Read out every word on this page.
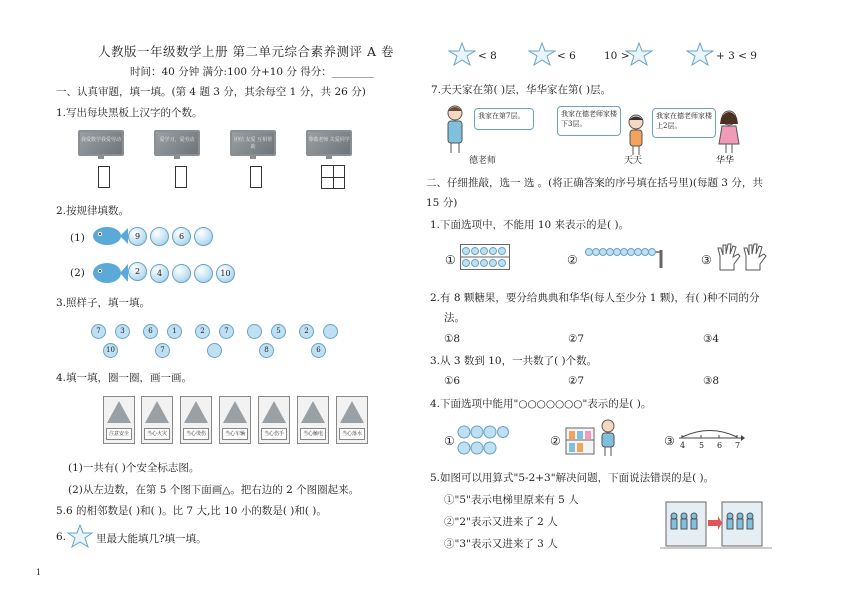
人教版一年级数学上册 第二单元综合素养测评 A 卷
时间：40 分钟 满分:100 分+10 分 得分：________
一、认真审题，填一填。(第 4 题 3 分，其余每空 1 分，共 26 分)
1.写出每块黑板上汉字的个数。
我爱数学我爱劳动	爱学习，爱劳动	团结 友爱 互相帮助
尊敬老师 关爱同学
2.按规律填数。
(1)	9	6
(2)	2	4	10
3.照样子，填一填。
7	3
10
6	1
7
2	7	5
8
2
6
4.填一填，圈一圈，画一画。
注意安全	当心火灾	当心烫伤	当心车辆	当心伤手	当心触电	当心落水
(1)一共有( )个安全标志图。
(2)从左边数，在第 5 个图下面画△。把右边的 2 个图圈起来。
5.6 的相邻数是( )和( )。比 7 大,比 10 小的数是( )和( )。
6.	里最大能填几?填一填。
1
< 8	< 6	10 >	+ 3 < 9
7.天天家在第( )层，华华家在第( )层。
我家在第7层。	我家在德老师家楼下3层。
我家在德老师家楼上2层。
德老师	天天	华华
二、仔细推敲，选一 选 。(将正确答案的序号填在括号里)(每题 3 分，共
15 分)
1.下面选项中，不能用 10 来表示的是( )。
①	②	③
2.有 8 颗糖果，要分给典典和华华(每人至少分 1 颗)，有( )种不同的分
法。
①8	②7	③4
3.从 3 数到 10，一共数了( )个数。
①6	②7	③8
4.下面选项中能用"○○○○○○○"表示的是( )。
①	②	③ 4 5 6 7
5.如图可以用算式"5-2+3"解决问题，下面说法错误的是( )。
①"5"表示电梯里原来有 5 人
②"2"表示又进来了 2 人
③"3"表示又进来了 3 人
